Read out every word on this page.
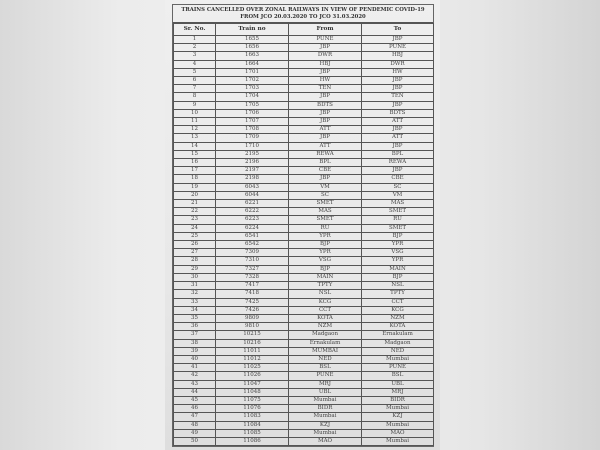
TRAINS CANCELLED OVER ZONAL RAILWAYS IN VIEW OF PENDEMIC COVID-19
FROM JCO 20.03.2020 TO JCO 31.03.2020
Sr. No.	Train no	From	To
1	1655	PUNE	JBP
2	1656	JBP	PUNE
3	1663	DWR	HBJ
4	1664	HBJ	DWR
5	1701	JBP	HW
6	1702	HW	JBP
7	1703	TEN	JBP
8	1704	JBP	TEN
9	1705	BDTS	JBP
10	1706	JBP	BDTS
11	1707	JBP	ATT
12	1708	ATT	JBP
13	1709	JBP	ATT
14	1710	ATT	JBP
15	2195	REWA	BPL
16	2196	BPL	REWA
17	2197	CBE	JBP
18	2198	JBP	CBE
19	6043	VM	SC
20	6044	SC	VM
21	6221	SMET	MAS
22	6222	MAS	SMET
23	6223	SMET	RU
24	6224	RU	SMET
25	6541	YPR	BJP
26	6542	BJP	YPR
27	7309	YPR	VSG
28	7310	VSG	YPR
29	7327	BJP	MAIN
30	7328	MAIN	BJP
31	7417	TPTY	NSL
32	7418	NSL	TPTY
33	7425	KCG	CCT
34	7426	CCT	KCG
35	9809	KOTA	NZM
36	9810	NZM	KOTA
37	10215	Madgaon	Ernakulam
38	10216	Ernakulam	Madgaon
39	11011	MUMBAI	NED
40	11012	NED	Mumbai
41	11025	BSL	PUNE
42	11026	PUNE	BSL
43	11047	MRJ	UBL
44	11048	UBL	MRJ
45	11075	Mumbai	BIDR
46	11076	BIDR	Mumbai
47	11083	Mumbai	KZJ
48	11084	KZJ	Mumbai
49	11085	Mumbai	MAO
50	11086	MAO	Mumbai
